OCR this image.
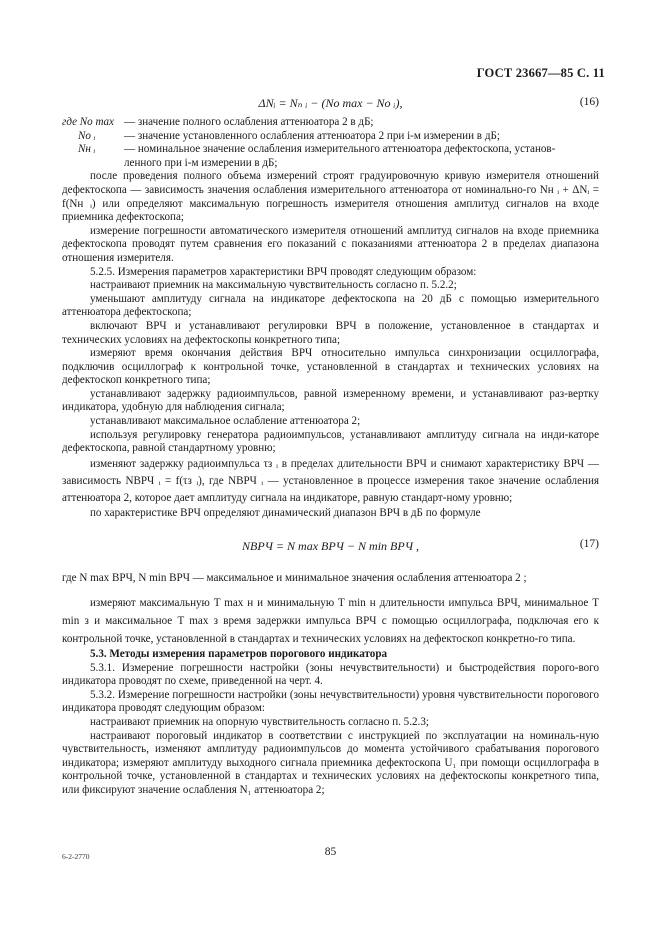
ГОСТ 23667—85 С. 11
ΔNᵢ = Nₙ ᵢ − (No max − Nо ᵢ),	(16)
где No max — значение полного ослабления аттенюатора 2 в дБ;
Nо ᵢ	— значение установленного ослабления аттенюатора 2 при i-м измерении в дБ;
Nн ᵢ	— номинальное значение ослабления измерительного аттенюатора дефектоскопа, установ-
ленного при i-м измерении в дБ;

после проведения полного объема измерений строят градуировочную кривую измерителя отношений дефектоскопа — зависимость значения ослабления измерительного аттенюатора от номинально-го Nн ᵢ + ΔNᵢ = f(Nн ᵢ) или определяют максимальную погрешность измерителя отношения амплитуд сигналов на входе приемника дефектоскопа;

измерение погрешности автоматического измерителя отношений амплитуд сигналов на входе приемника дефектоскопа проводят путем сравнения его показаний с показаниями аттенюатора 2 в пределах диапазона отношения измерителя.

5.2.5. Измерения параметров характеристики ВРЧ проводят следующим образом:

настраивают приемник на максимальную чувствительность согласно п. 5.2.2;

уменьшают амплитуду сигнала на индикаторе дефектоскопа на 20 дБ с помощью измерительного аттенюатора дефектоскопа;

включают ВРЧ и устанавливают регулировки ВРЧ в положение, установленное в стандартах и технических условиях на дефектоскопы конкретного типа;

измеряют время окончания действия ВРЧ относительно импульса синхронизации осциллографа, подключив осциллограф к контрольной точке, установленной в стандартах и технических условиях на дефектоскоп конкретного типа;

устанавливают задержку радиоимпульсов, равной измеренному времени, и устанавливают раз-вертку индикатора, удобную для наблюдения сигнала;

устанавливают максимальное ослабление аттенюатора 2;

используя регулировку генератора радиоимпульсов, устанавливают амплитуду сигнала на инди-каторе дефектоскопа, равной стандартному уровню;

изменяют задержку радиоимпульса τз ᵢ в пределах длительности ВРЧ и снимают характеристику ВРЧ — зависимость NВРЧ ᵢ = f(τз ᵢ), где NВРЧ ᵢ — установленное в процессе измерения такое значение ослабления аттенюатора 2, которое дает амплитуду сигнала на индикаторе, равную стандарт-ному уровню;

по характеристике ВРЧ определяют динамический диапазон ВРЧ в дБ по формуле

NВРЧ = N max ВРЧ − N min ВРЧ ,	(17)

где N max ВРЧ, N min ВРЧ — максимальное и минимальное значения ослабления аттенюатора 2 ;

измеряют максимальную T max н и минимальную T min н длительности импульса ВРЧ, минимальное T min з и максимальное T max з время задержки импульса ВРЧ с помощью осциллографа, подключая его к контрольной точке, установленной в стандартах и технических условиях на дефектоскоп конкретно-го типа.

5.3. Методы измерения параметров порогового индикатора

5.3.1. Измерение погрешности настройки (зоны нечувствительности) и быстродействия порого-вого индикатора проводят по схеме, приведенной на черт. 4.

5.3.2. Измерение погрешности настройки (зоны нечувствительности) уровня чувствительности порогового индикатора проводят следующим образом:

настраивают приемник на опорную чувствительность согласно п. 5.2.3;

настраивают пороговый индикатор в соответствии с инструкцией по эксплуатации на номиналь-ную чувствительность, изменяют амплитуду радиоимпульсов до момента устойчивого срабатывания порогового индикатора; измеряют амплитуду выходного сигнала приемника дефектоскопа U₁ при помощи осциллографа в контрольной точке, установленной в стандартах и технических условиях на дефектоскопы конкретного типа, или фиксируют значение ослабления N₁ аттенюатора 2;

6-2-2770	85
